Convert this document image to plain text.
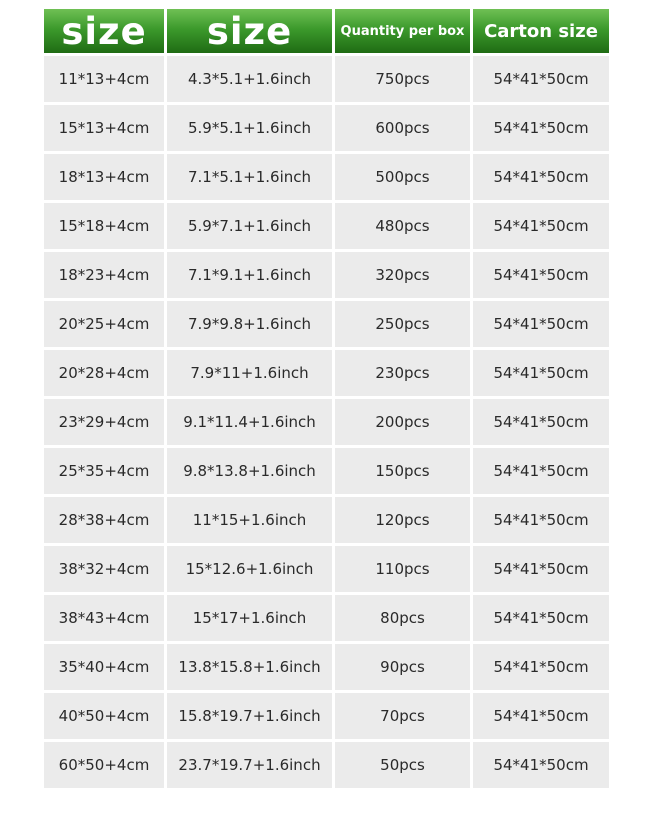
size	size	Quantity per box	Carton size
11*13+4cm	4.3*5.1+1.6inch	750pcs	54*41*50cm
15*13+4cm	5.9*5.1+1.6inch	600pcs	54*41*50cm
18*13+4cm	7.1*5.1+1.6inch	500pcs	54*41*50cm
15*18+4cm	5.9*7.1+1.6inch	480pcs	54*41*50cm
18*23+4cm	7.1*9.1+1.6inch	320pcs	54*41*50cm
20*25+4cm	7.9*9.8+1.6inch	250pcs	54*41*50cm
20*28+4cm	7.9*11+1.6inch	230pcs	54*41*50cm
23*29+4cm	9.1*11.4+1.6inch	200pcs	54*41*50cm
25*35+4cm	9.8*13.8+1.6inch	150pcs	54*41*50cm
28*38+4cm	11*15+1.6inch	120pcs	54*41*50cm
38*32+4cm	15*12.6+1.6inch	110pcs	54*41*50cm
38*43+4cm	15*17+1.6inch	80pcs	54*41*50cm
35*40+4cm	13.8*15.8+1.6inch	90pcs	54*41*50cm
40*50+4cm	15.8*19.7+1.6inch	70pcs	54*41*50cm
60*50+4cm	23.7*19.7+1.6inch	50pcs	54*41*50cm
